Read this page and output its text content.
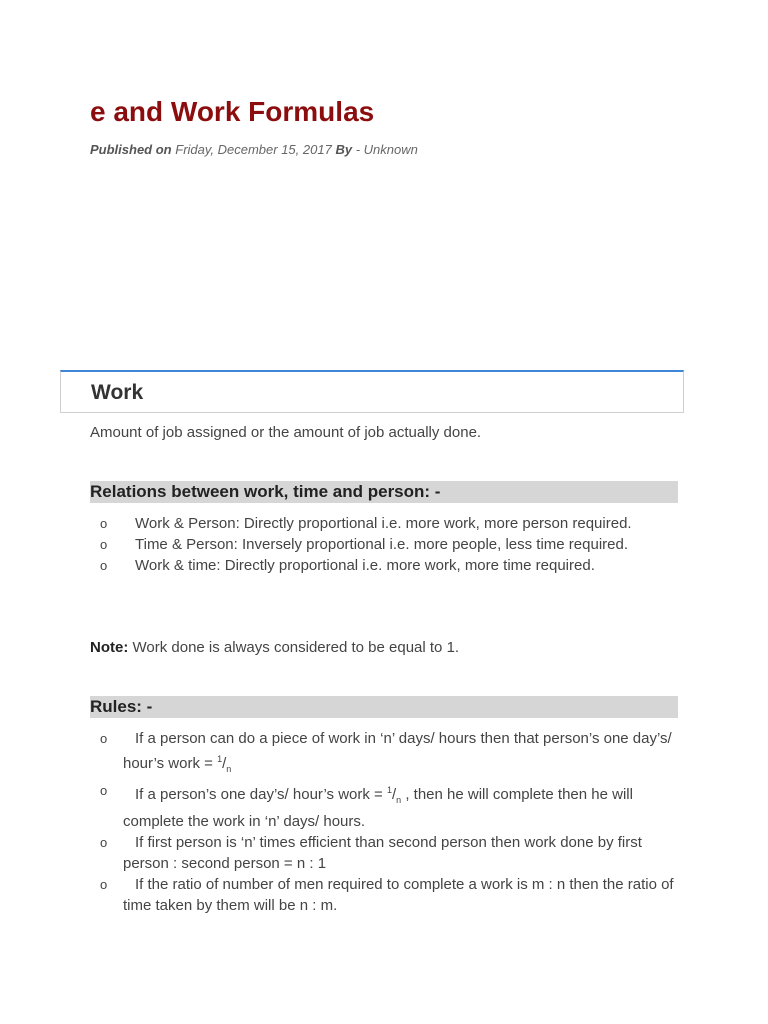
e and Work Formulas
Published on Friday, December 15, 2017 By - Unknown
Work
Amount of job assigned or the amount of job actually done.
Relations between work, time and person: -
o	Work & Person: Directly proportional i.e. more work, more person required.
o	Time & Person: Inversely proportional i.e. more people, less time required.
o	Work & time: Directly proportional i.e. more work, more time required.
Note: Work done is always considered to be equal to 1.
Rules: -
o	If a person can do a piece of work in ‘n’ days/ hours then that person’s one day’s/ hour’s work = $^1/_n$
o	If a person’s one day’s/ hour’s work = $^1/_n$ , then he will complete then he will complete the work in ‘n’ days/ hours.
o	If first person is ‘n’ times efficient than second person then work done by first person : second person = n : 1
o	If the ratio of number of men required to complete a work is m : n then the ratio of time taken by them will be n : m.
